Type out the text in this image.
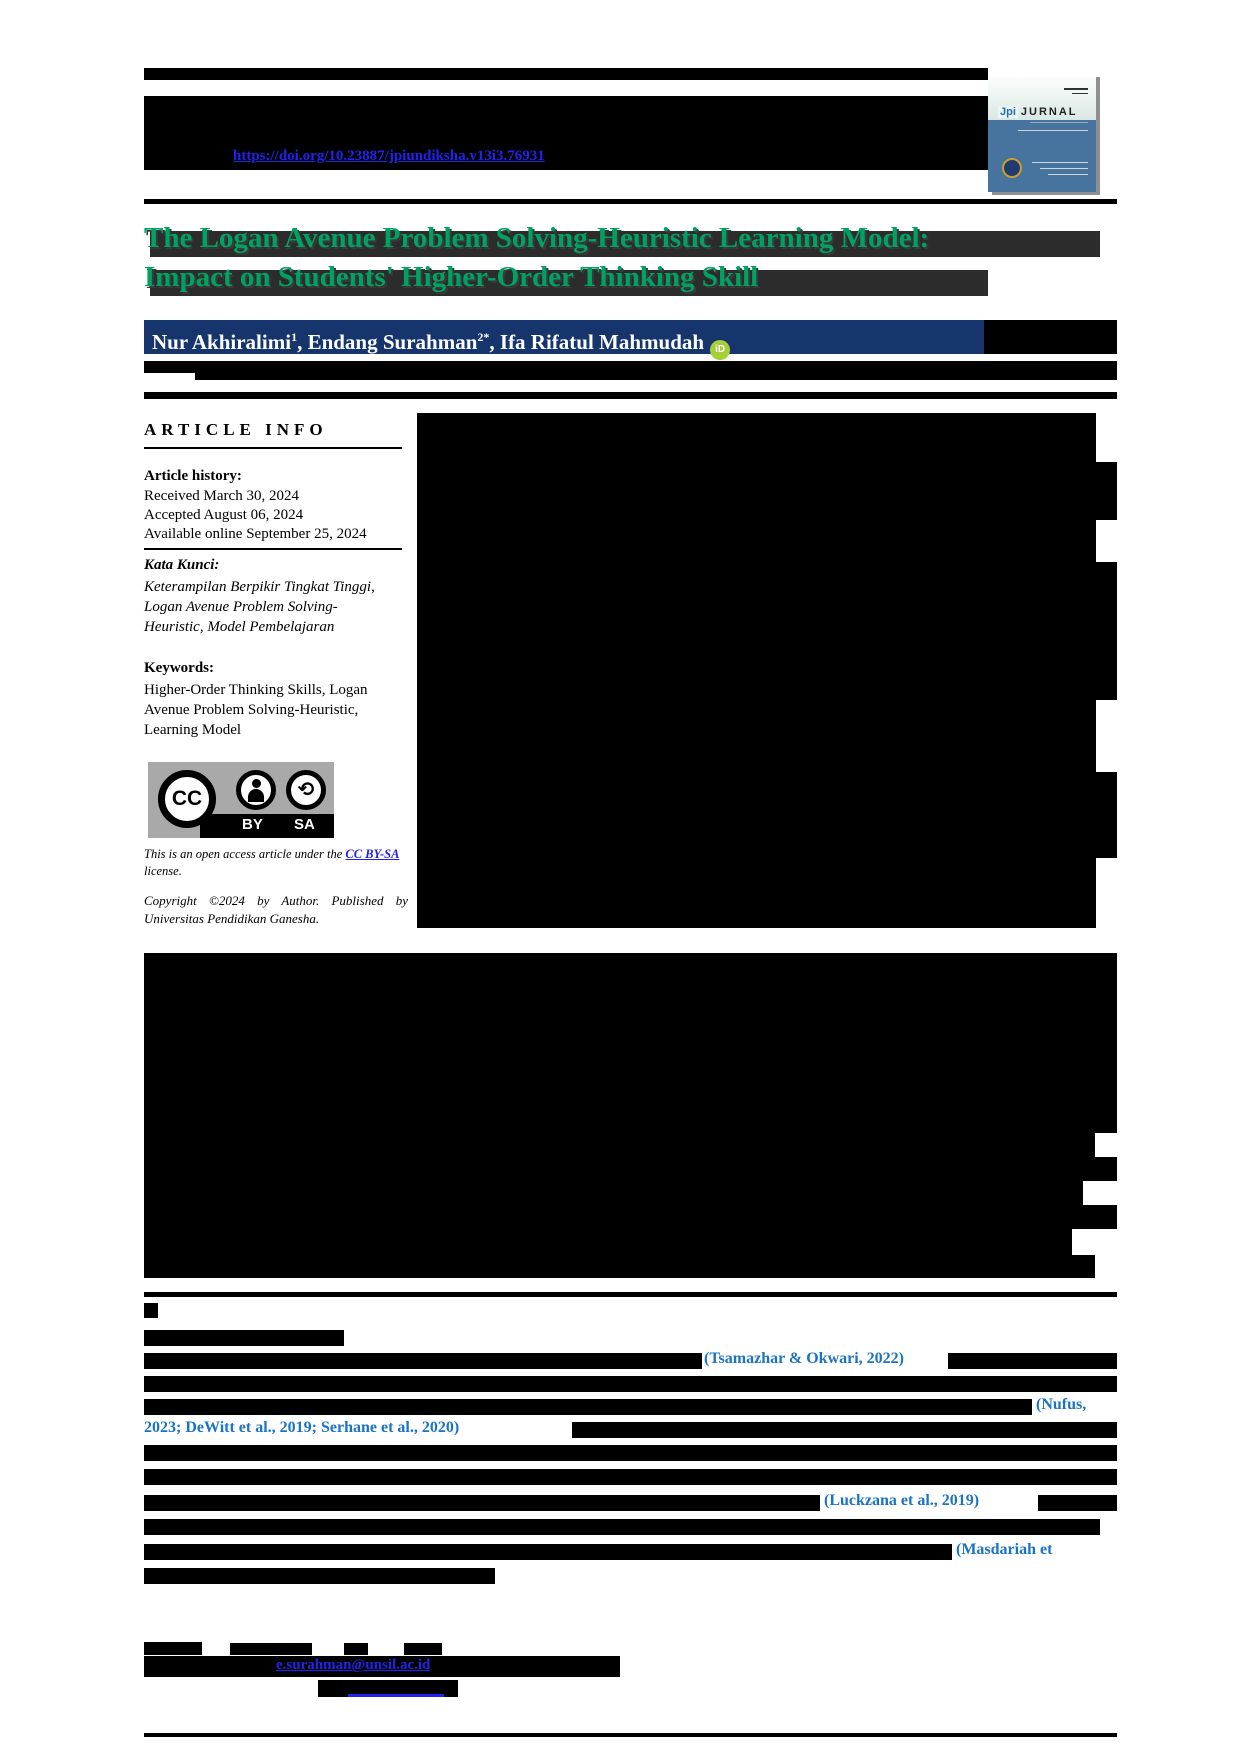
https://doi.org/10.23887/jpiundiksha.v13i3.76931
Jpi JURNAL
The Logan Avenue Problem Solving-Heuristic Learning Model:
Impact on Students' Higher-Order Thinking Skill
Nur Akhiralimi$^1$, Endang Surahman$^{2*}$, Ifa Rifatul Mahmudah iD
ARTICLE INFO
Article history:
Received March 30, 2024
Accepted August 06, 2024
Available online September 25, 2024
Kata Kunci:
Keterampilan Berpikir Tingkat Tinggi, Logan Avenue Problem Solving-Heuristic, Model Pembelajaran
Keywords:
Higher-Order Thinking Skills, Logan Avenue Problem Solving-Heuristic, Learning Model
CC	⟲
BY SA
This is an open access article under the CC BY-SA license.
Copyright ©2024 by Author. Published by Universitas Pendidikan Ganesha.
(Tsamazhar & Okwari, 2022)
(Nufus,
2023; DeWitt et al., 2019; Serhane et al., 2020)
(Luckzana et al., 2019)
(Masdariah et
e.surahman@unsil.ac.id
